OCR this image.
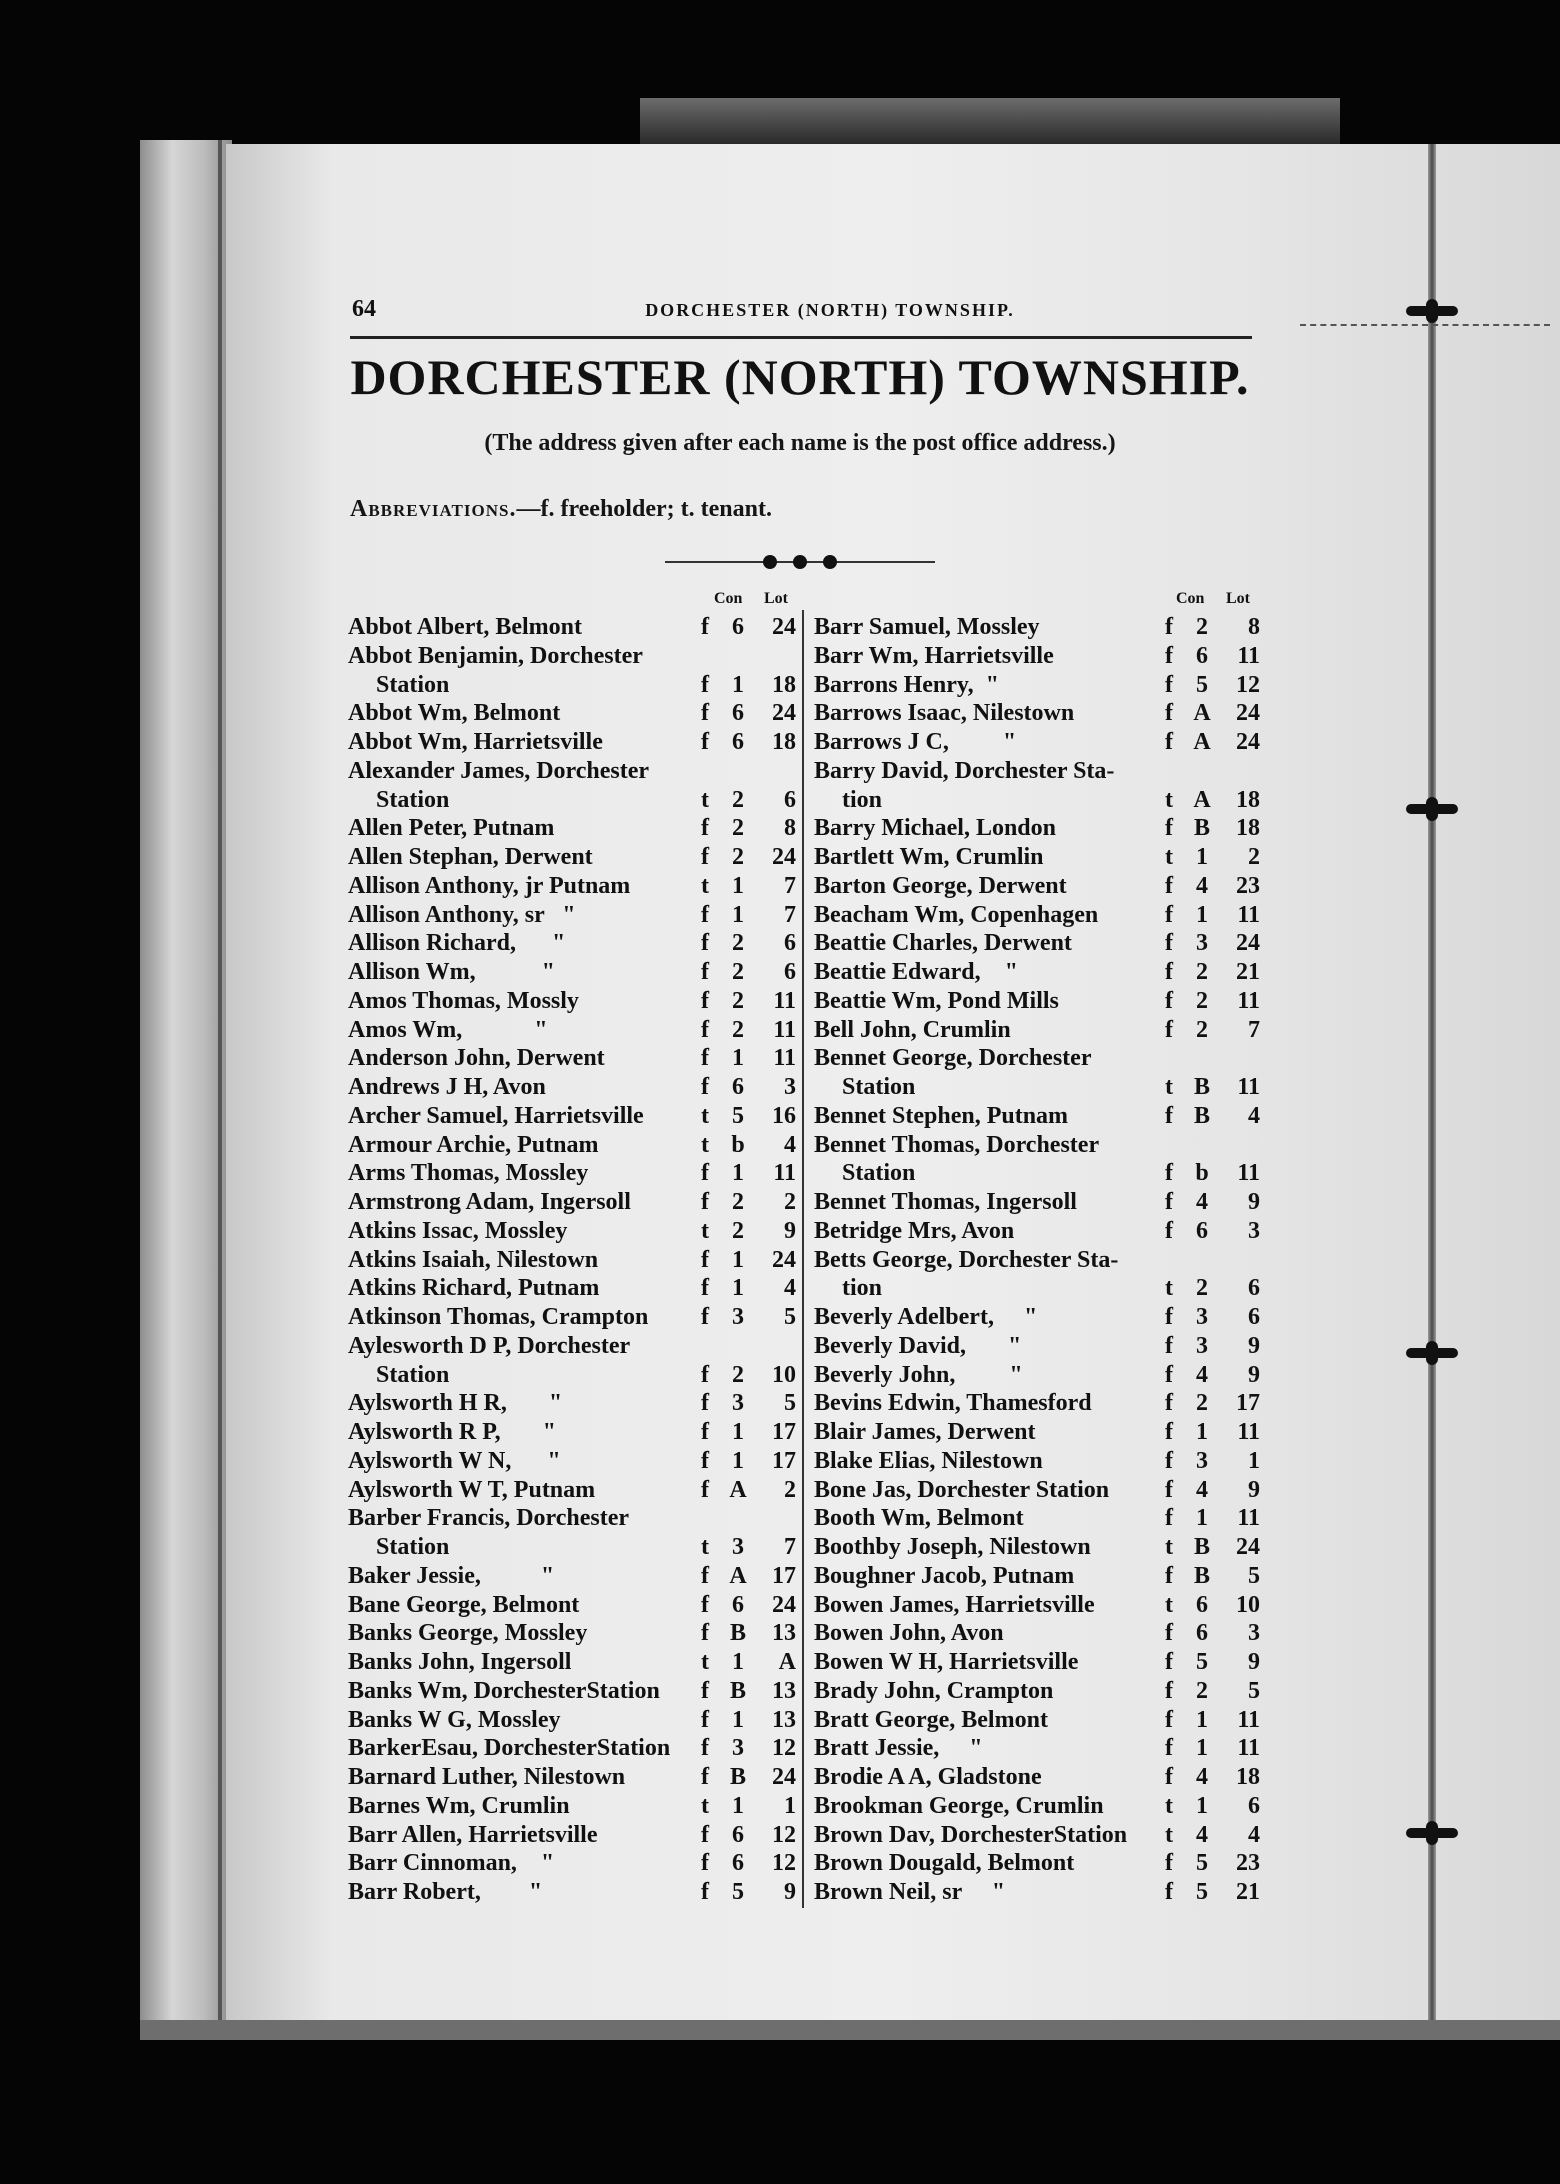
64	DORCHESTER (NORTH) TOWNSHIP.
DORCHESTER (NORTH) TOWNSHIP.
(The address given after each name is the post office address.)
Abbreviations.—f. freeholder; t. tenant.
Con Lot
Abbot Albert, Belmont	f 6	24
Abbot Benjamin, Dorchester
Station	f 1	18
Abbot Wm, Belmont	f 6	24
Abbot Wm, Harrietsville	f 6	18
Alexander James, Dorchester
Station	t 2	6
Allen Peter, Putnam	f 2	8
Allen Stephan, Derwent	f 2	24
Allison Anthony, jr Putnam	t 1	7
Allison Anthony, sr   "	f 1	7
Allison Richard,      "	f 2	6
Allison Wm,           "	f 2	6
Amos Thomas, Mossly	f 2	11
Amos Wm,            "	f 2	11
Anderson John, Derwent	f 1	11
Andrews J H, Avon	f 6	3
Archer Samuel, Harrietsville t 5	16
Armour Archie, Putnam	t b	4
Arms Thomas, Mossley	f 1	11
Armstrong Adam, Ingersoll	f 2	2
Atkins Issac, Mossley	t 2	9
Atkins Isaiah, Nilestown	f 1	24
Atkins Richard, Putnam	f 1	4
Atkinson Thomas, Crampton f 3	5
Aylesworth D P, Dorchester
Station	f 2	10
Aylsworth H R,       "	f 3	5
Aylsworth R P,       "	f 1	17
Aylsworth W N,      "	f 1	17
Aylsworth W T, Putnam	f A	2
Barber Francis, Dorchester
Station	t 3	7
Baker Jessie,          "	f A	17
Bane George, Belmont	f 6	24
Banks George, Mossley	f B	13
Banks John, Ingersoll	t 1	A
Banks Wm, DorchesterStation f B	13
Banks W G, Mossley	f 1	13
BarkerEsau, DorchesterStation f 3	12
Barnard Luther, Nilestown	f B	24
Barnes Wm, Crumlin	t 1	1
Barr Allen, Harrietsville	f 6	12
Barr Cinnoman,    "	f 6	12
Barr Robert,        "	f 5	9
Con Lot
Barr Samuel, Mossley	f 2	8
Barr Wm, Harrietsville	f 6	11
Barrons Henry,  "	f 5	12
Barrows Isaac, Nilestown	f A	24
Barrows J C,         "	f A	24
Barry David, Dorchester Sta-
tion	t A	18
Barry Michael, London	f B	18
Bartlett Wm, Crumlin	t 1	2
Barton George, Derwent	f 4	23
Beacham Wm, Copenhagen	f 1	11
Beattie Charles, Derwent	f 3	24
Beattie Edward,    "	f 2	21
Beattie Wm, Pond Mills	f 2	11
Bell John, Crumlin	f 2	7
Bennet George, Dorchester
Station	t B	11
Bennet Stephen, Putnam	f B	4
Bennet Thomas, Dorchester
Station	f b	11
Bennet Thomas, Ingersoll	f 4	9
Betridge Mrs, Avon	f 6	3
Betts George, Dorchester Sta-
tion	t 2	6
Beverly Adelbert,     "	f 3	6
Beverly David,       "	f 3	9
Beverly John,         "	f 4	9
Bevins Edwin, Thamesford	f 2	17
Blair James, Derwent	f 1	11
Blake Elias, Nilestown	f 3	1
Bone Jas, Dorchester Station f 4	9
Booth Wm, Belmont	f 1	11
Boothby Joseph, Nilestown	t B	24
Boughner Jacob, Putnam	f B	5
Bowen James, Harrietsville	t 6	10
Bowen John, Avon	f 6	3
Bowen W H, Harrietsville	f 5	9
Brady John, Crampton	f 2	5
Bratt George, Belmont	f 1	11
Bratt Jessie,     "	f 1	11
Brodie A A, Gladstone	f 4	18
Brookman George, Crumlin	t 1	6
Brown Dav, DorchesterStation t 4	4
Brown Dougald, Belmont	f 5	23
Brown Neil, sr     "	f 5	21
